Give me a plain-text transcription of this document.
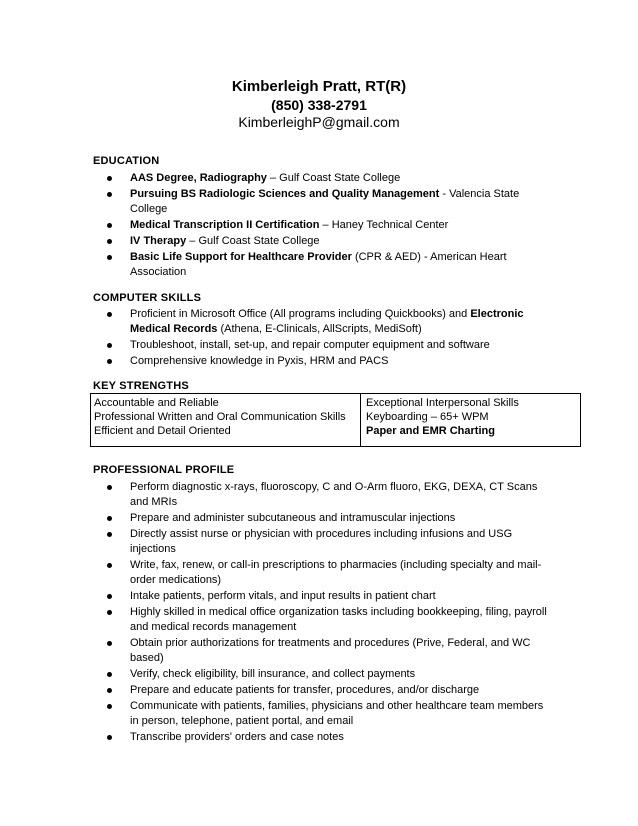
Kimberleigh Pratt, RT(R)
(850) 338-2791
KimberleighP@gmail.com
EDUCATION
AAS Degree, Radiography – Gulf Coast State College
Pursuing BS Radiologic Sciences and Quality Management - Valencia State College
Medical Transcription II Certification – Haney Technical Center
IV Therapy – Gulf Coast State College
Basic Life Support for Healthcare Provider (CPR & AED) - American Heart Association
COMPUTER SKILLS
Proficient in Microsoft Office (All programs including Quickbooks) and Electronic Medical Records (Athena, E-Clinicals, AllScripts, MediSoft)
Troubleshoot, install, set-up, and repair computer equipment and software
Comprehensive knowledge in Pyxis, HRM and PACS
KEY STRENGTHS
Accountable and Reliable
Professional Written and Oral Communication Skills
Efficient and Detail Oriented
Exceptional Interpersonal Skills
Keyboarding – 65+ WPM
Paper and EMR Charting
PROFESSIONAL PROFILE
Perform diagnostic x-rays, fluoroscopy, C and O-Arm fluoro, EKG, DEXA, CT Scans and MRIs
Prepare and administer subcutaneous and intramuscular injections
Directly assist nurse or physician with procedures including infusions and USG injections
Write, fax, renew, or call-in prescriptions to pharmacies (including specialty and mail-order medications)
Intake patients, perform vitals, and input results in patient chart
Highly skilled in medical office organization tasks including bookkeeping, filing, payroll and medical records management
Obtain prior authorizations for treatments and procedures (Prive, Federal, and WC based)
Verify, check eligibility, bill insurance, and collect payments
Prepare and educate patients for transfer, procedures, and/or discharge
Communicate with patients, families, physicians and other healthcare team members in person, telephone, patient portal, and email
Transcribe providers' orders and case notes
